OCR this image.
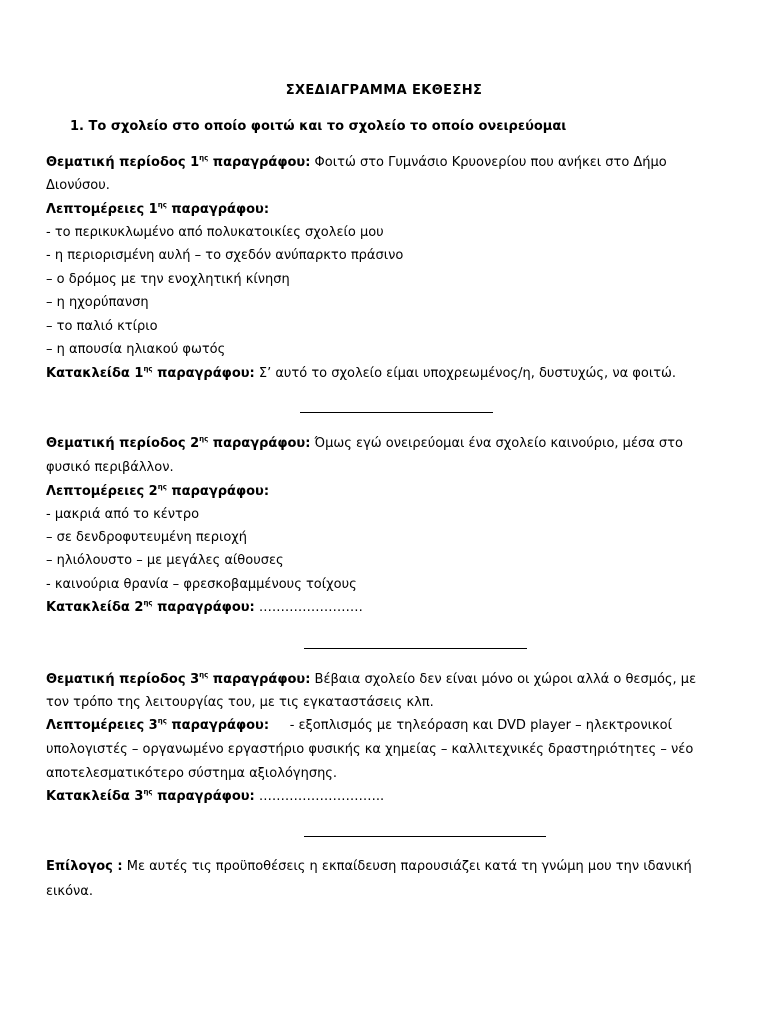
ΣΧΕΔΙΑΓΡΑΜΜΑ ΕΚΘΕΣΗΣ
1. Το σχολείο στο οποίο φοιτώ και το σχολείο το οποίο ονειρεύομαι
Θεματική περίοδος $1^{\eta\varsigma}$ παραγράφου: Φοιτώ στο Γυμνάσιο Κρυονερίου που ανήκει στο Δήμο
Διονύσου.
Λεπτομέρειες $1^{\eta\varsigma}$ παραγράφου:
- το περικυκλωμένο από πολυκατοικίες σχολείο μου
- η περιορισμένη αυλή – το σχεδόν ανύπαρκτο πράσινο
– ο δρόμος με την ενοχλητική κίνηση
– η ηχορύπανση
– το παλιό κτίριο
– η απουσία ηλιακού φωτός
Κατακλείδα $1^{\eta\varsigma}$ παραγράφου: Σ’ αυτό το σχολείο είμαι υποχρεωμένος/η, δυστυχώς, να φοιτώ.
Θεματική περίοδος $2^{\eta\varsigma}$ παραγράφου: Όμως εγώ ονειρεύομαι ένα σχολείο καινούριο, μέσα στο
φυσικό περιβάλλον.
Λεπτομέρειες $2^{\eta\varsigma}$ παραγράφου:
- μακριά από το κέντρο
– σε δενδροφυτευμένη περιοχή
– ηλιόλουστο – με μεγάλες αίθουσες
- καινούρια θρανία – φρεσκοβαμμένους τοίχους
Κατακλείδα $2^{\eta\varsigma}$ παραγράφου: ……………………
Θεματική περίοδος $3^{\eta\varsigma}$ παραγράφου: Βέβαια σχολείο δεν είναι μόνο οι χώροι αλλά ο θεσμός, με
τον τρόπο της λειτουργίας του, με τις εγκαταστάσεις κλπ.
Λεπτομέρειες $3^{\eta\varsigma}$ παραγράφου:     - εξοπλισμός με τηλεόραση και DVD player – ηλεκτρονικοί
υπολογιστές – οργανωμένο εργαστήριο φυσικής κα χημείας – καλλιτεχνικές δραστηριότητες – νέο
αποτελεσματικότερο σύστημα αξιολόγησης.
Κατακλείδα $3^{\eta\varsigma}$ παραγράφου: ………………………..
Επίλογος : Με αυτές τις προϋποθέσεις η εκπαίδευση παρουσιάζει κατά τη γνώμη μου την ιδανική
εικόνα.
